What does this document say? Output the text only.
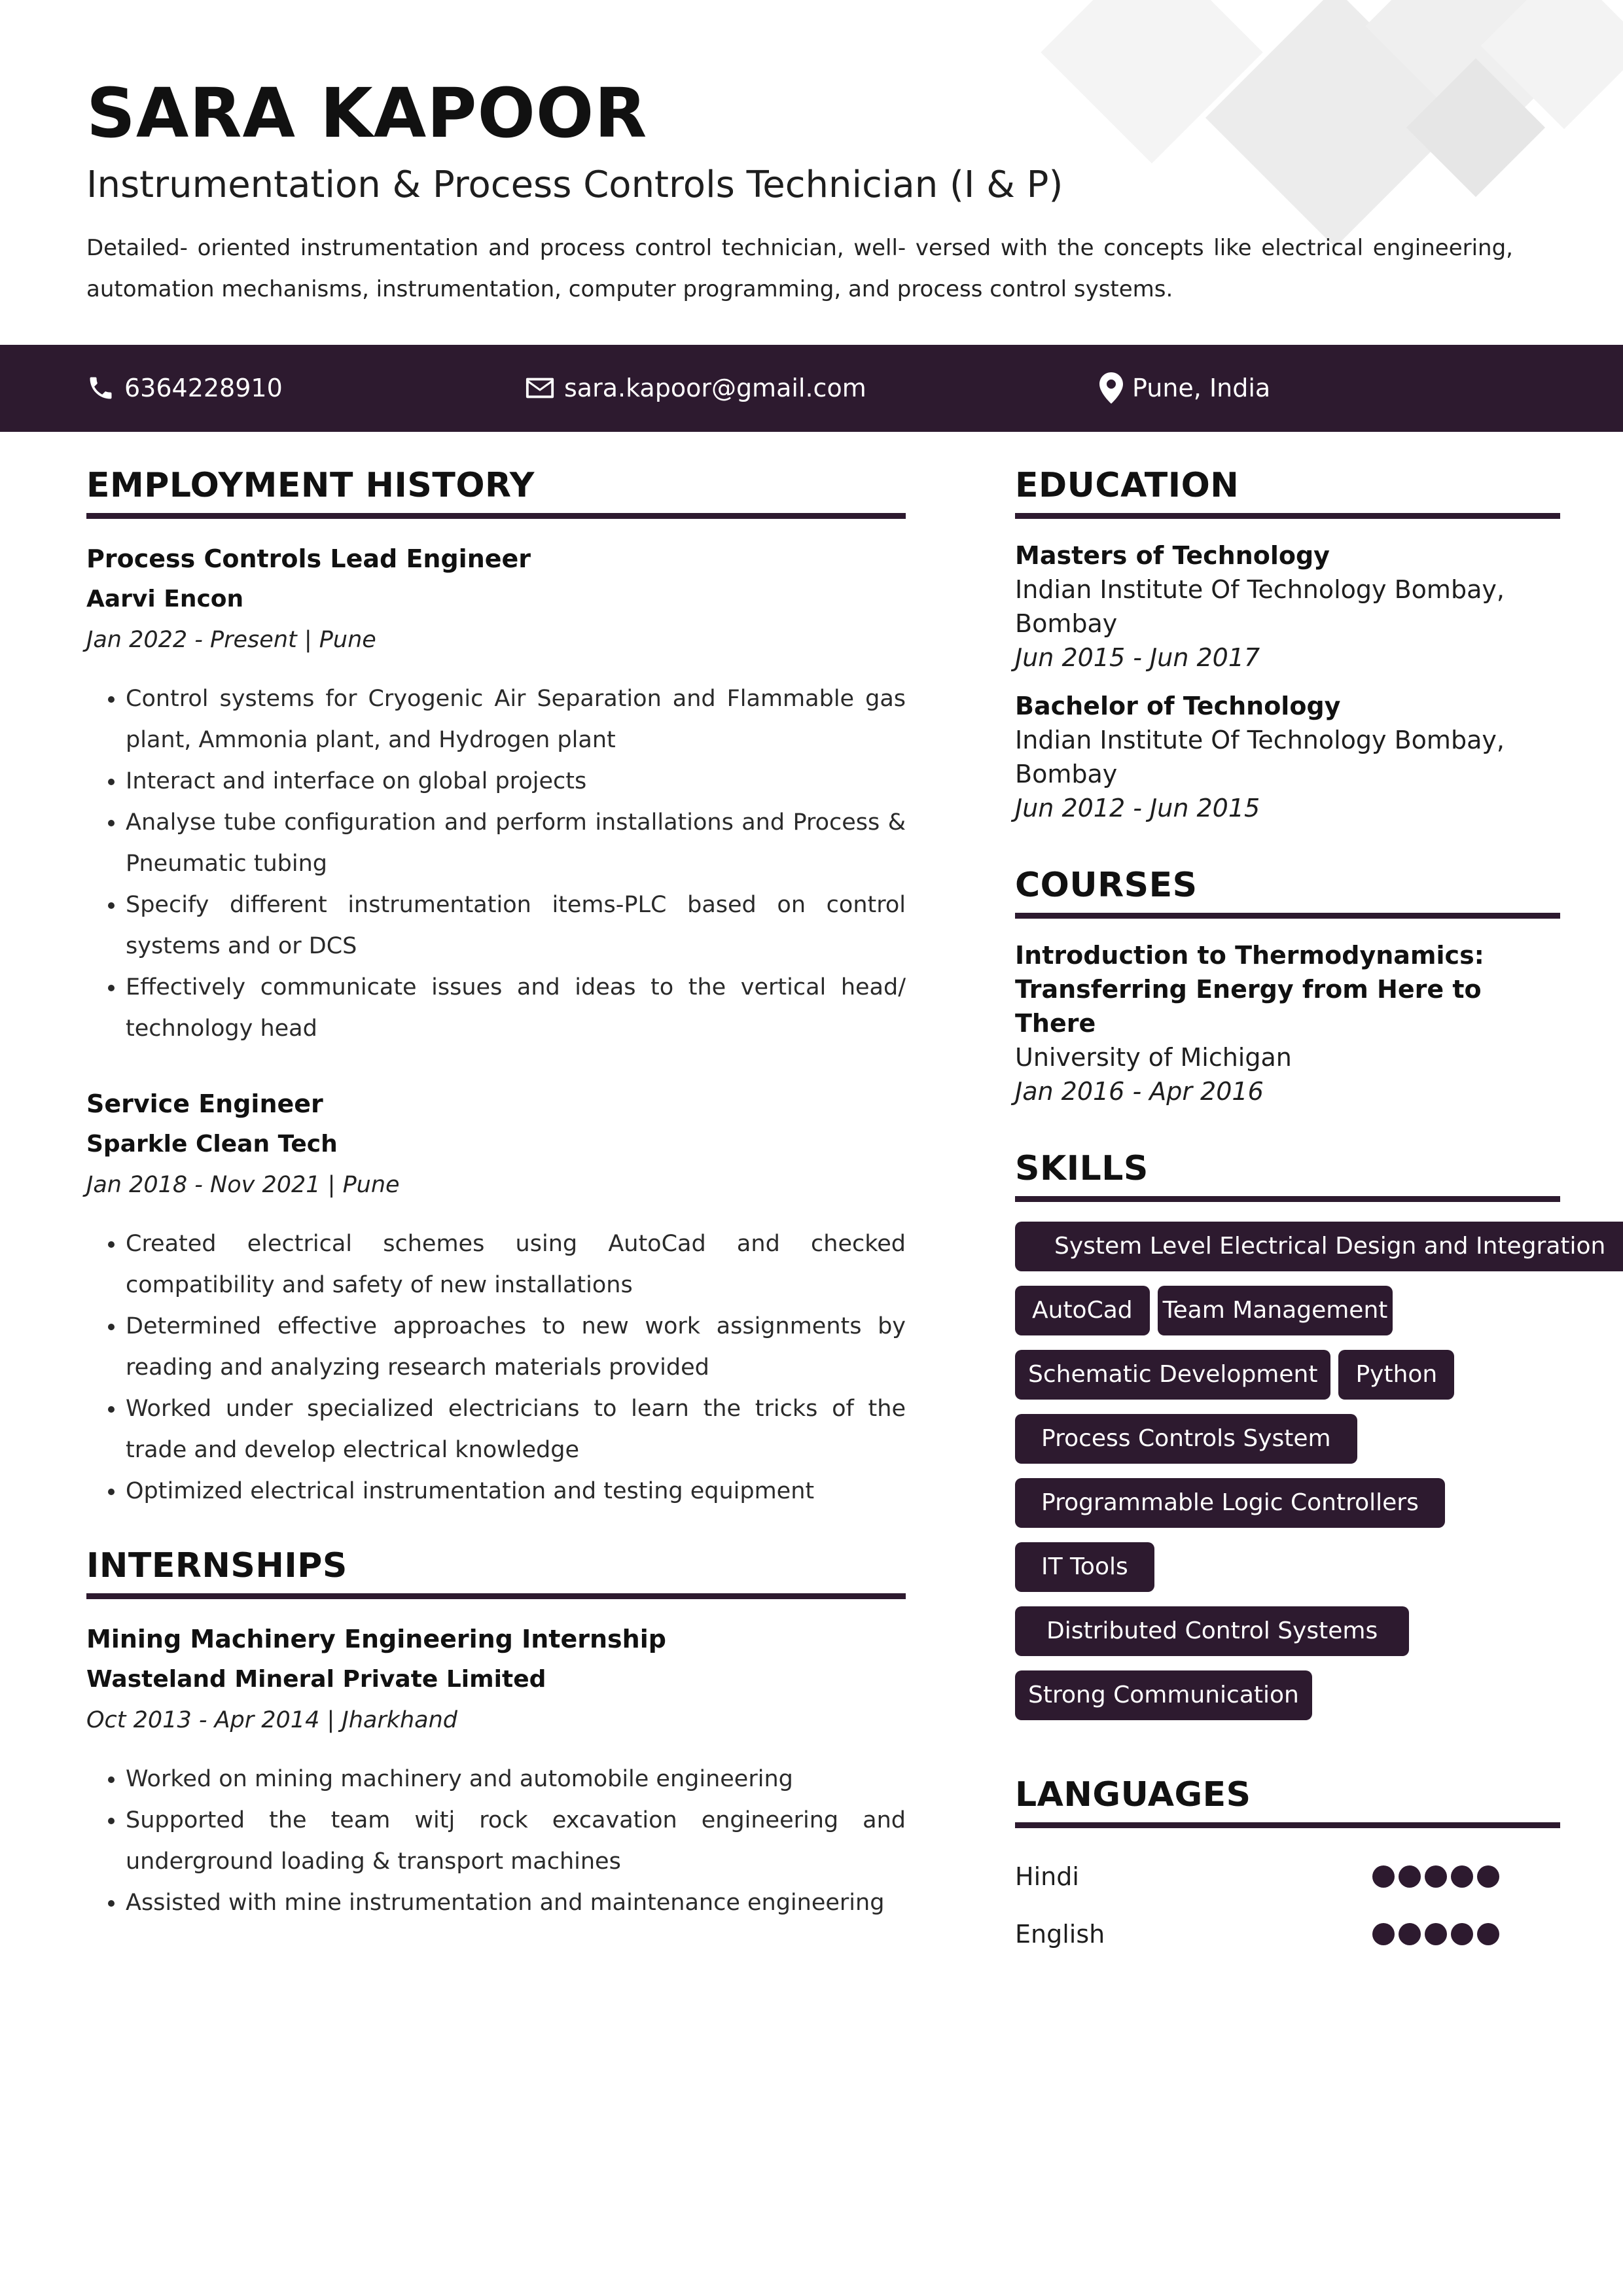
SARA KAPOOR
Instrumentation & Process Controls Technician (I & P)
Detailed- oriented instrumentation and process control technician, well- versed with the concepts like electrical engineering, automation mechanisms, instrumentation, computer programming, and process control systems.
6364228910	sara.kapoor@gmail.com	Pune, India
EMPLOYMENT HISTORY
Process Controls Lead Engineer
Aarvi Encon
Jan 2022 - Present | Pune
• Control systems for Cryogenic Air Separation and Flammable gas plant, Ammonia plant, and Hydrogen plant
• Interact and interface on global projects
• Analyse tube configuration and perform installations and Process & Pneumatic tubing
• Specify different instrumentation items-PLC based on control systems and or DCS
• Effectively communicate issues and ideas to the vertical head/ technology head
Service Engineer
Sparkle Clean Tech
Jan 2018 - Nov 2021 | Pune
• Created electrical schemes using AutoCad and checked compatibility and safety of new installations
• Determined effective approaches to new work assignments by reading and analyzing research materials provided
• Worked under specialized electricians to learn the tricks of the trade and develop electrical knowledge
• Optimized electrical instrumentation and testing equipment
INTERNSHIPS
Mining Machinery Engineering Internship
Wasteland Mineral Private Limited
Oct 2013 - Apr 2014 | Jharkhand
• Worked on mining machinery and automobile engineering
• Supported the team witj rock excavation engineering and underground loading & transport machines
• Assisted with mine instrumentation and maintenance engineering
EDUCATION
Masters of Technology
Indian Institute Of Technology Bombay, Bombay
Jun 2015 - Jun 2017
Bachelor of Technology
Indian Institute Of Technology Bombay, Bombay
Jun 2012 - Jun 2015
COURSES
Introduction to Thermodynamics: Transferring Energy from Here to There
University of Michigan
Jan 2016 - Apr 2016
SKILLS
System Level Electrical Design and Integration
AutoCad	Team Management
Schematic Development	Python
Process Controls System
Programmable Logic Controllers
IT Tools
Distributed Control Systems
Strong Communication
LANGUAGES
Hindi
English
